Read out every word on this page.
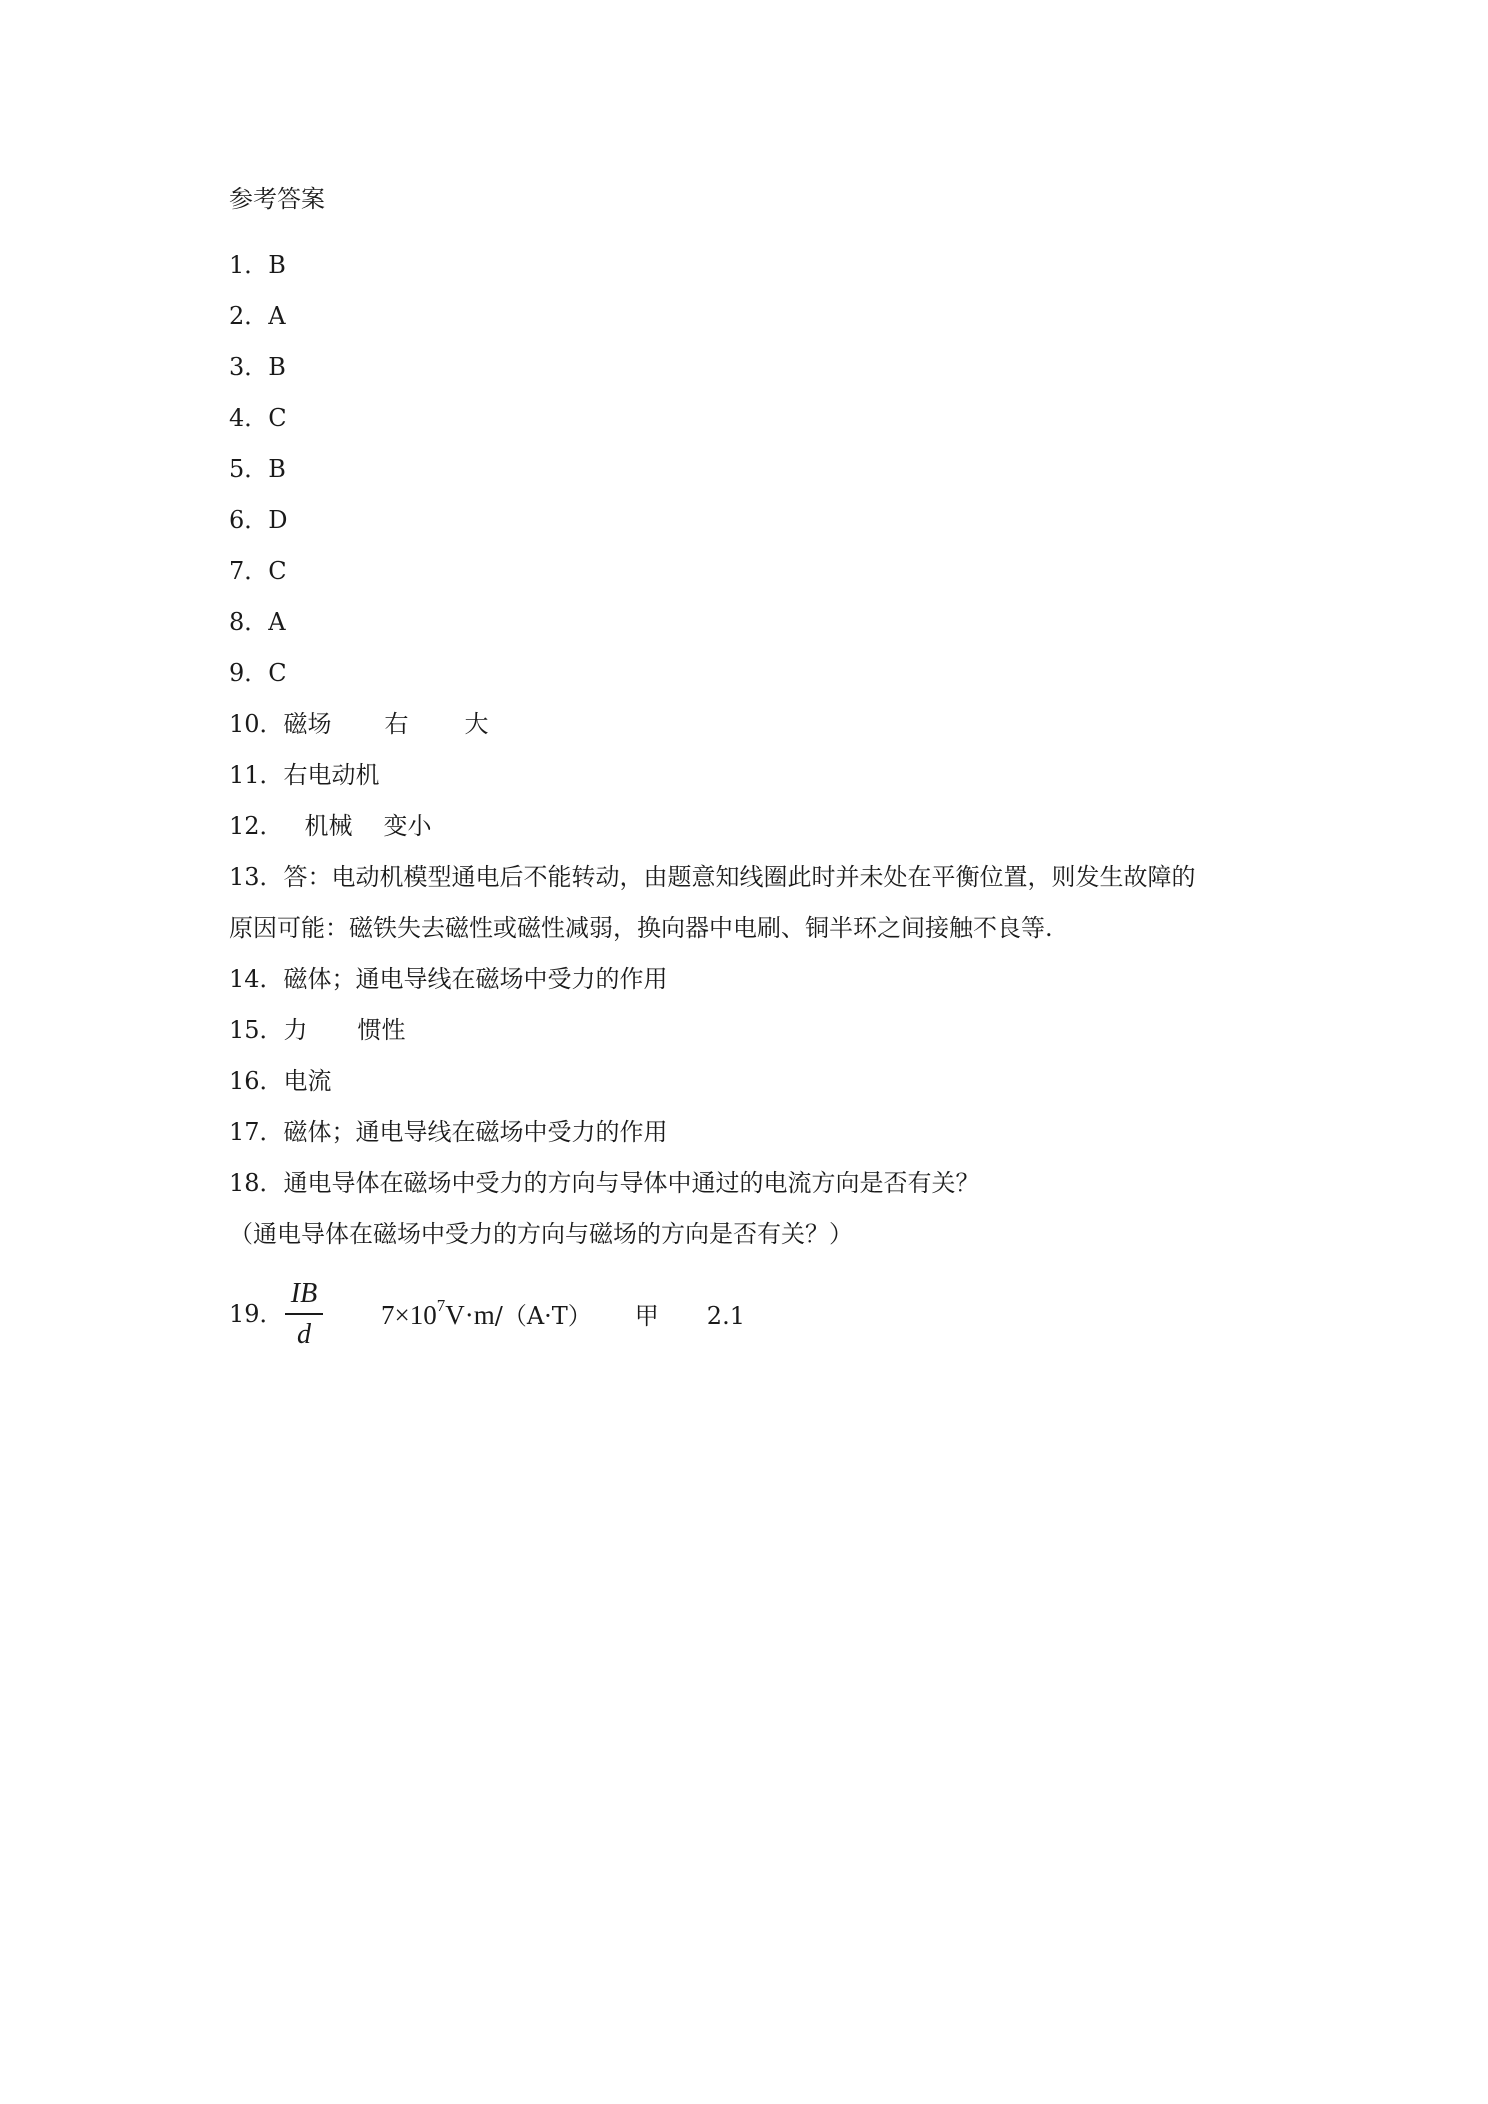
参考答案
1．B
2．A
3．B
4．C
5．B
6．D
7．C
8．A
9．C
10．磁场 右 大
11．右电动机
12． 机械 变小
13．答：电动机模型通电后不能转动，由题意知线圈此时并未处在平衡位置，则发生故障的
原因可能：磁铁失去磁性或磁性减弱，换向器中电刷、铜半环之间接触不良等.
14．磁体；通电导线在磁场中受力的作用
15．力 惯性
16．电流
17．磁体；通电导线在磁场中受力的作用
18．通电导体在磁场中受力的方向与导体中通过的电流方向是否有关？
（通电导体在磁场中受力的方向与磁场的方向是否有关？）
19．
IB
d
$7\times 10^7V\cdot m/(A\cdot T)$ 甲 2.1
